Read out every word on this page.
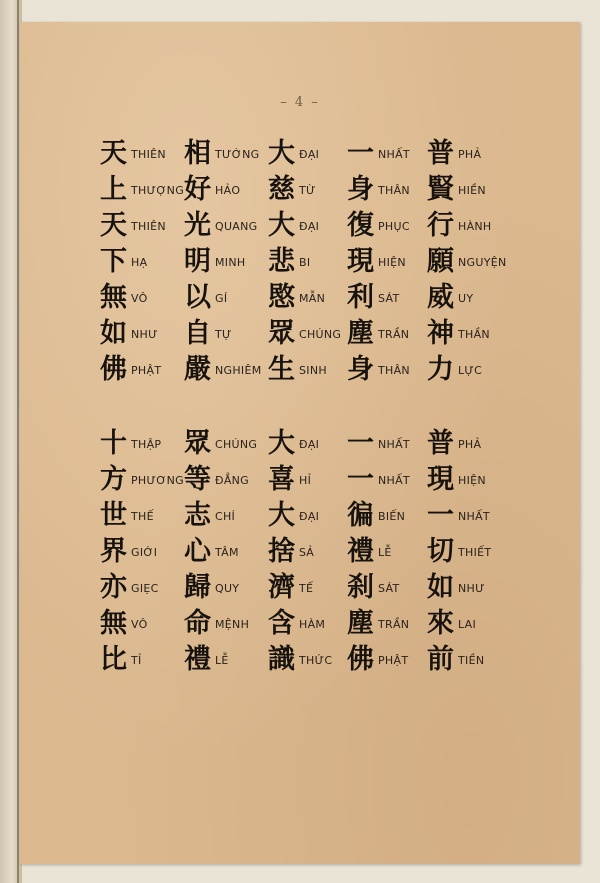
– 4 –
天 THIÊN 相 TƯỚNG 大 ĐẠI 一 NHẤT 普 PHẢ
上 THƯỢNG 好 HẢO 慈 TỪ 身 THÂN 賢 HIỀN
天 THIÊN 光 QUANG 大 ĐẠI 復 PHỤC 行 HÀNH
下 HẠ 明 MINH 悲 BI 現 HIỆN 願 NGUYỆN
無 VÔ 以 GÍ 愍 MẪN 利 SÁT 威 UY
如 NHƯ 自 TỰ 眾 CHÚNG 塵 TRẦN 神 THẦN
佛 PHẬT 嚴 NGHIÊM 生 SINH 身 THÂN 力 LỰC
十 THẬP 眾 CHÚNG 大 ĐẠI 一 NHẤT 普 PHẢ
方 PHƯƠNG 等 ĐẲNG 喜 HỈ 一 NHẤT 現 HIỆN
世 THẾ 志 CHÍ 大 ĐẠI 徧 BIẾN 一 NHẤT
界 GIỚI 心 TÂM 捨 SẢ 禮 LỄ 切 THIẾT
亦 GIẸC 歸 QUY 濟 TẾ 刹 SÁT 如 NHƯ
無 VÔ 命 MỆNH 含 HÀM 塵 TRẦN 來 LAI
比 TỈ 禮 LỄ 識 THỨC 佛 PHẬT 前 TIỀN
